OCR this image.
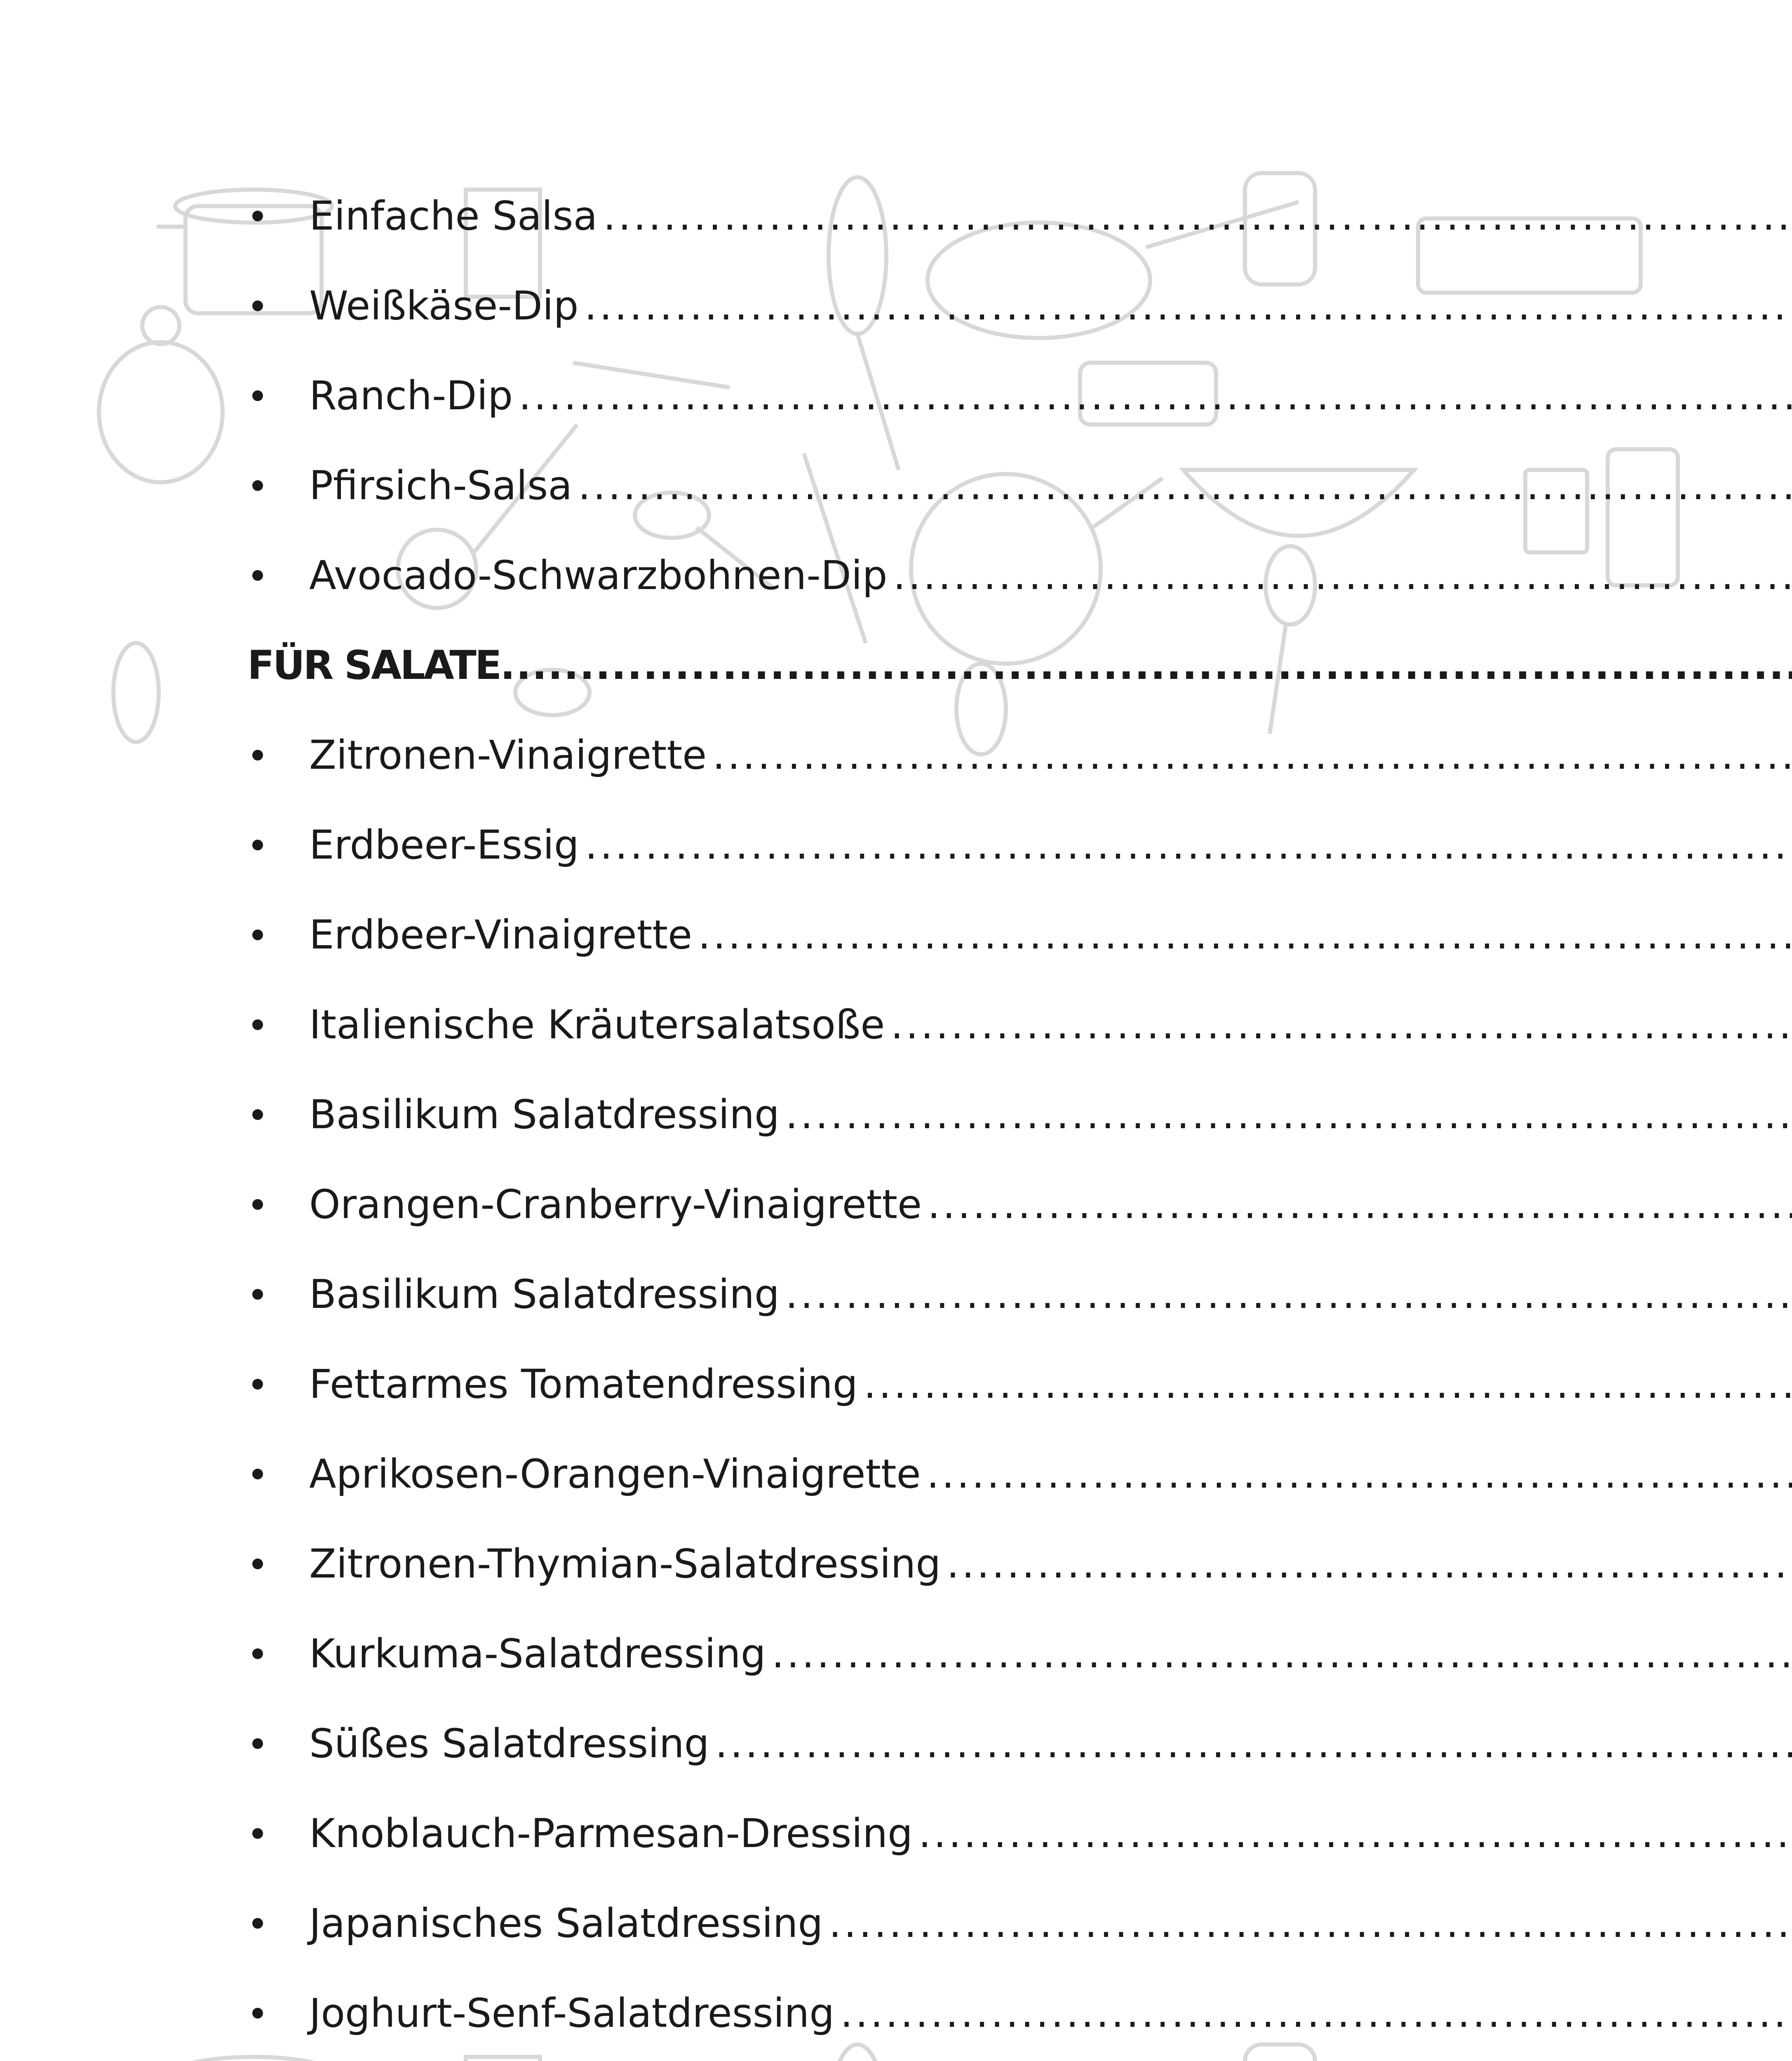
Einfache Salsa
.....
Weißkäse-Dip
.....
Ranch-Dip
.....
Pfirsich-Salsa
.....
Avocado-Schwarzbohnen-Dip
.....
FÜR SALATE
.....
Zitronen-Vinaigrette
.....
Erdbeer-Essig
.....
Erdbeer-Vinaigrette
.....
Italienische Kräutersalatsoße
.....
Basilikum Salatdressing
.....
Orangen-Cranberry-Vinaigrette
.....
Basilikum Salatdressing
.....
Fettarmes Tomatendressing
.....
Aprikosen-Orangen-Vinaigrette
.....
Zitronen-Thymian-Salatdressing
.....
Kurkuma-Salatdressing
.....
Süßes Salatdressing
.....
Knoblauch-Parmesan-Dressing
.....
Japanisches Salatdressing
.....
Joghurt-Senf-Salatdressing
.....
